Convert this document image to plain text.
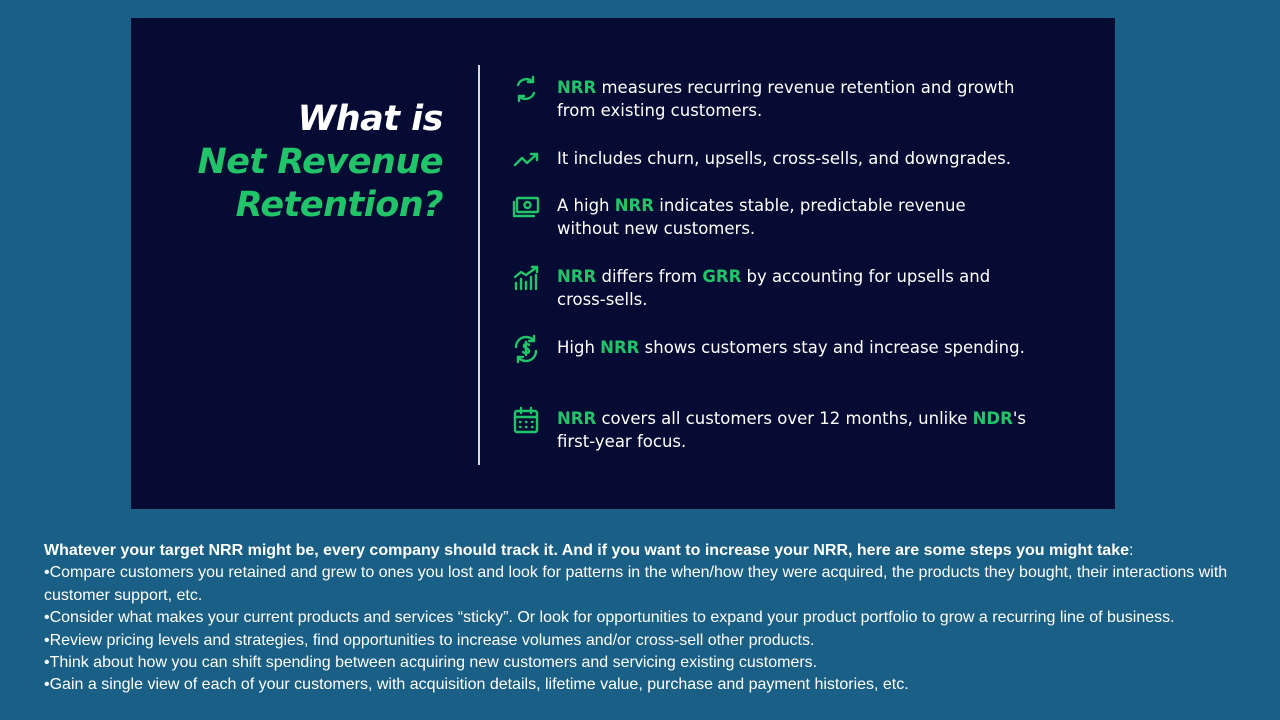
What is
Net Revenue
Retention?
NRR measures recurring revenue retention and growth from existing customers.
It includes churn, upsells, cross-sells, and downgrades.
A high NRR indicates stable, predictable revenue without new customers.
NRR differs from GRR by accounting for upsells and cross-sells.
High NRR shows customers stay and increase spending.
NRR covers all customers over 12 months, unlike NDR's first-year focus.

Whatever your target NRR might be, every company should track it. And if you want to increase your NRR, here are some steps you might take:

•Compare customers you retained and grew to ones you lost and look for patterns in the when/how they were acquired, the products they bought, their interactions with customer support, etc.

•Consider what makes your current products and services “sticky”. Or look for opportunities to expand your product portfolio to grow a recurring line of business.

•Review pricing levels and strategies, find opportunities to increase volumes and/or cross-sell other products.

•Think about how you can shift spending between acquiring new customers and servicing existing customers.

•Gain a single view of each of your customers, with acquisition details, lifetime value, purchase and payment histories, etc.
